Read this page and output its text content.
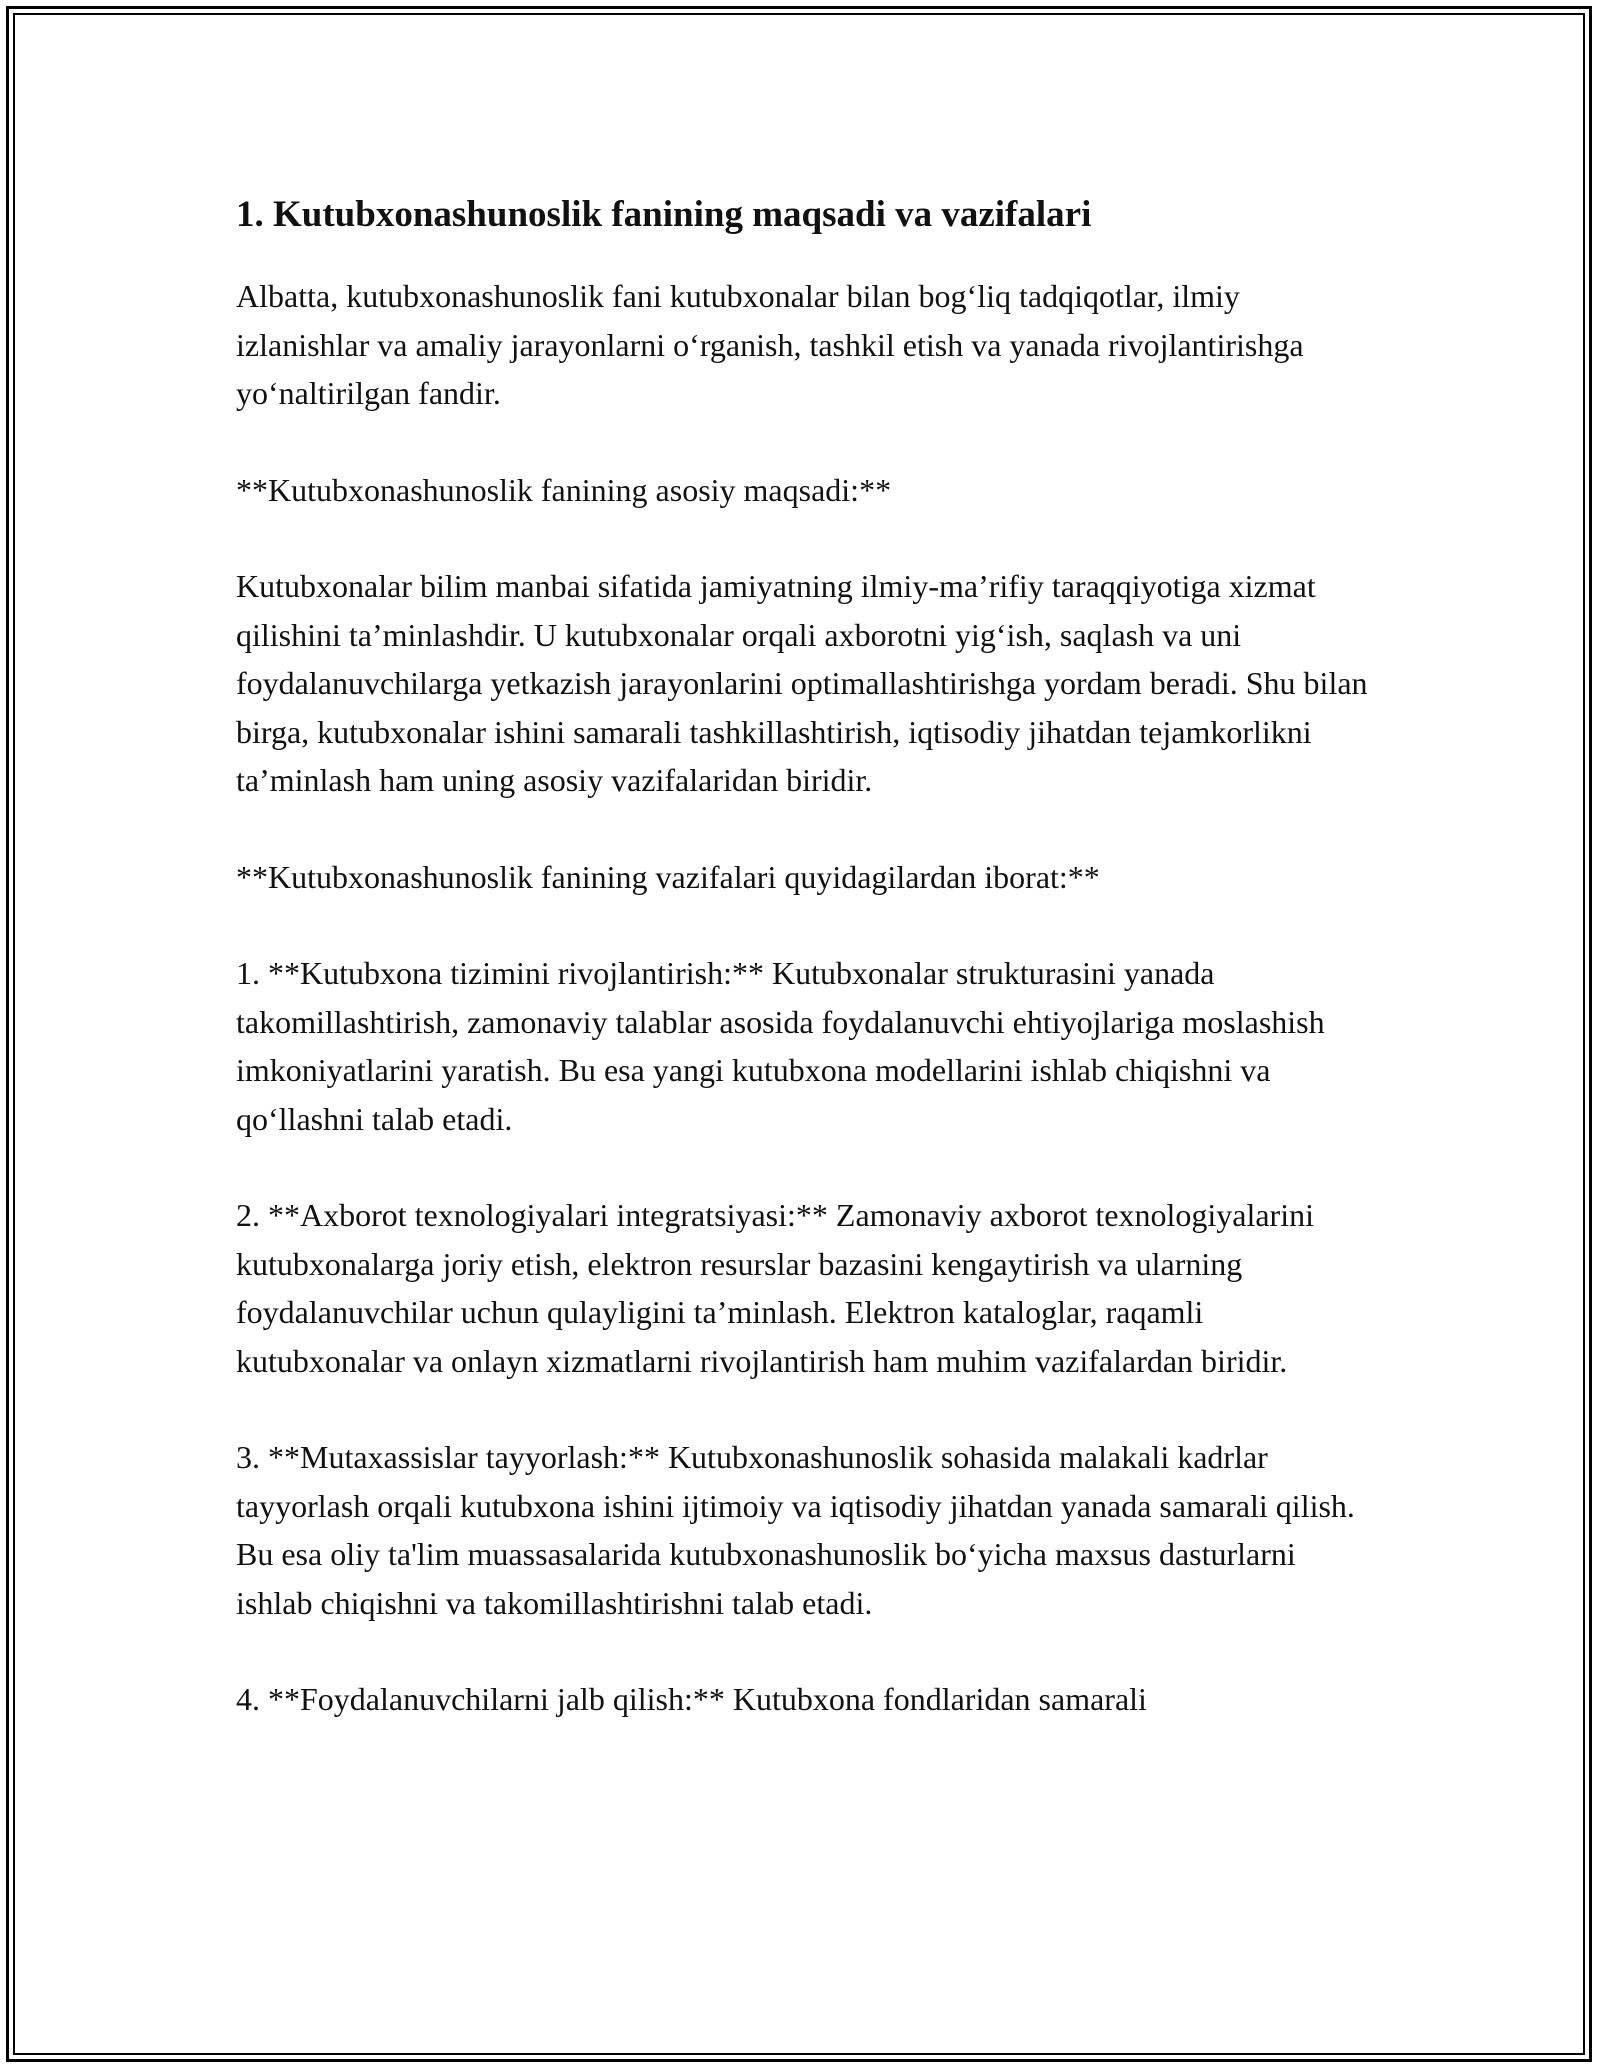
1. Kutubxonashunoslik fanining maqsadi va vazifalari

Albatta, kutubxonashunoslik fani kutubxonalar bilan bog‘liq tadqiqotlar, ilmiy izlanishlar va amaliy jarayonlarni o‘rganish, tashkil etish va yanada rivojlantirishga yo‘naltirilgan fandir.

**Kutubxonashunoslik fanining asosiy maqsadi:**

Kutubxonalar bilim manbai sifatida jamiyatning ilmiy-ma’rifiy taraqqiyotiga xizmat qilishini ta’minlashdir. U kutubxonalar orqali axborotni yig‘ish, saqlash va uni foydalanuvchilarga yetkazish jarayonlarini optimallashtirishga yordam beradi. Shu bilan birga, kutubxonalar ishini samarali tashkillashtirish, iqtisodiy jihatdan tejamkorlikni ta’minlash ham uning asosiy vazifalaridan biridir.

**Kutubxonashunoslik fanining vazifalari quyidagilardan iborat:**

1. **Kutubxona tizimini rivojlantirish:** Kutubxonalar strukturasini yanada takomillashtirish, zamonaviy talablar asosida foydalanuvchi ehtiyojlariga moslashish imkoniyatlarini yaratish. Bu esa yangi kutubxona modellarini ishlab chiqishni va qo‘llashni talab etadi.

2. **Axborot texnologiyalari integratsiyasi:** Zamonaviy axborot texnologiyalarini kutubxonalarga joriy etish, elektron resurslar bazasini kengaytirish va ularning foydalanuvchilar uchun qulayligini ta’minlash. Elektron kataloglar, raqamli kutubxonalar va onlayn xizmatlarni rivojlantirish ham muhim vazifalardan biridir.

3. **Mutaxassislar tayyorlash:** Kutubxonashunoslik sohasida malakali kadrlar tayyorlash orqali kutubxona ishini ijtimoiy va iqtisodiy jihatdan yanada samarali qilish. Bu esa oliy ta'lim muassasalarida kutubxonashunoslik bo‘yicha maxsus dasturlarni ishlab chiqishni va takomillashtirishni talab etadi.

4. **Foydalanuvchilarni jalb qilish:** Kutubxona fondlaridan samarali
